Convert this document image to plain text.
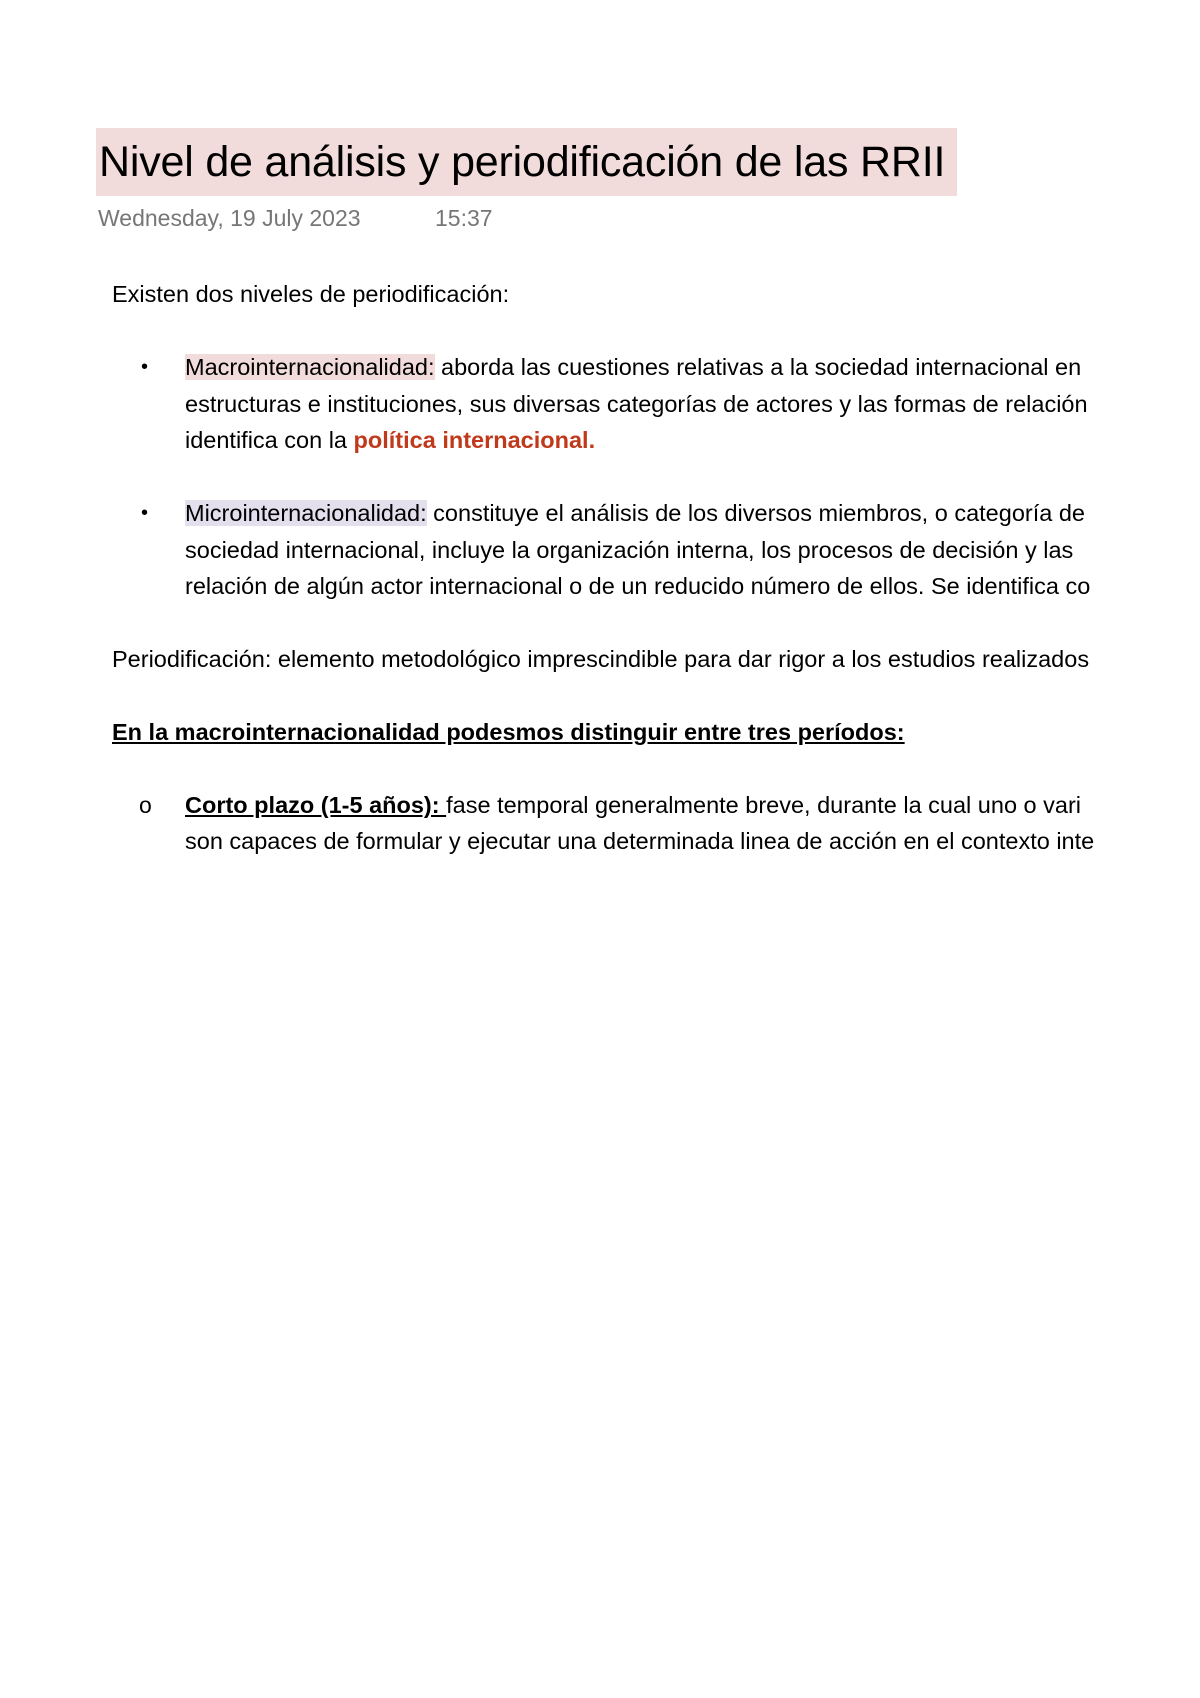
Nivel de análisis y periodificación de las RRII
Wednesday, 19 July 2023	15:37
Existen dos niveles de periodificación:
• Macrointernacionalidad: aborda las cuestiones relativas a la sociedad internacional en
estructuras e instituciones, sus diversas categorías de actores y las formas de relación
identifica con la política internacional.
• Microinternacionalidad: constituye el análisis de los diversos miembros, o categoría de
sociedad internacional, incluye la organización interna, los procesos de decisión y las
relación de algún actor internacional o de un reducido número de ellos. Se identifica co
Periodificación: elemento metodológico imprescindible para dar rigor a los estudios realizados
En la macrointernacionalidad podesmos distinguir entre tres períodos:
o Corto plazo (1-5 años): fase temporal generalmente breve, durante la cual uno o vari
son capaces de formular y ejecutar una determinada linea de acción en el contexto inte
